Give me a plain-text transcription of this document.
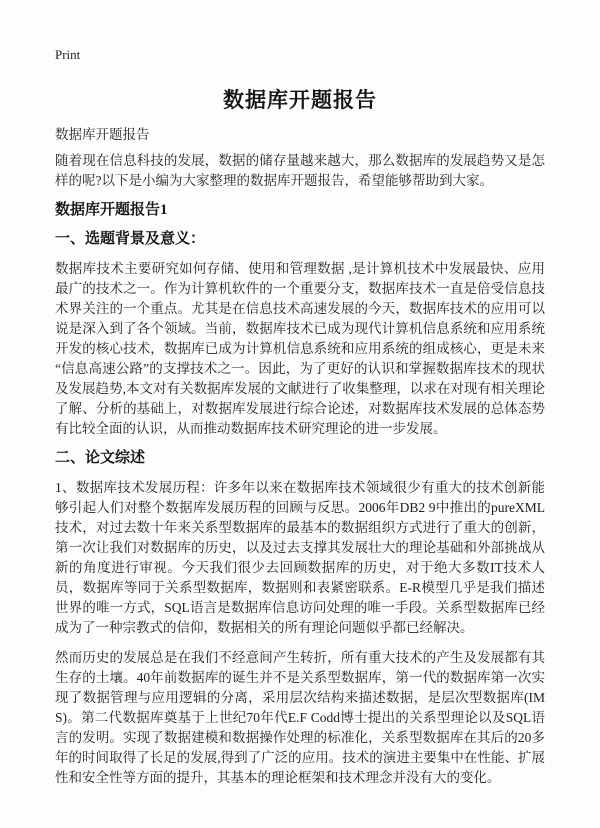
Print
数据库开题报告

数据库开题报告

随着现在信息科技的发展，数据的储存量越来越大，那么数据库的发展趋势又是怎样的呢?以下是小编为大家整理的数据库开题报告，希望能够帮助到大家。

数据库开题报告1
一、选题背景及意义：

数据库技术主要研究如何存储、使用和管理数据 ,是计算机技术中发展最快、应用最广的技术之一。作为计算机软件的一个重要分支，数据库技术一直是倍受信息技术界关注的一个重点。尤其是在信息技术高速发展的今天，数据库技术的应用可以说是深入到了各个领域。当前，数据库技术已成为现代计算机信息系统和应用系统开发的核心技术，数据库已成为计算机信息系统和应用系统的组成核心，更是未来“信息高速公路”的支撑技术之一。因此，为了更好的认识和掌握数据库技术的现状及发展趋势,本文对有关数据库发展的文献进行了收集整理，以求在对现有相关理论了解、分析的基础上，对数据库发展进行综合论述，对数据库技术发展的总体态势有比较全面的认识，从而推动数据库技术研究理论的进一步发展。

二、论文综述

1、数据库技术发展历程：许多年以来在数据库技术领域很少有重大的技术创新能够引起人们对整个数据库发展历程的回顾与反思。2006年DB2 9中推出的pureXML技术，对过去数十年来关系型数据库的最基本的数据组织方式进行了重大的创新，第一次让我们对数据库的历史，以及过去支撑其发展壮大的理论基础和外部挑战从新的角度进行审视。今天我们很少去回顾数据库的历史，对于绝大多数IT技术人员，数据库等同于关系型数据库，数据则和表紧密联系。E-R模型几乎是我们描述世界的唯一方式，SQL语言是数据库信息访问处理的唯一手段。关系型数据库已经成为了一种宗教式的信仰，数据相关的所有理论问题似乎都已经解决。

然而历史的发展总是在我们不经意间产生转折，所有重大技术的产生及发展都有其生存的土壤。40年前数据库的诞生并不是关系型数据库，第一代的数据库第一次实现了数据管理与应用逻辑的分离，采用层次结构来描述数据，是层次型数据库(IMS)。第二代数据库奠基于上世纪70年代E.F Codd博士提出的关系型理论以及SQL语言的发明。实现了数据建模和数据操作处理的标准化，关系型数据库在其后的20多年的时间取得了长足的发展,得到了广泛的应用。技术的演进主要集中在性能、扩展性和安全性等方面的提升，其基本的理论框架和技术理念并没有大的变化。
